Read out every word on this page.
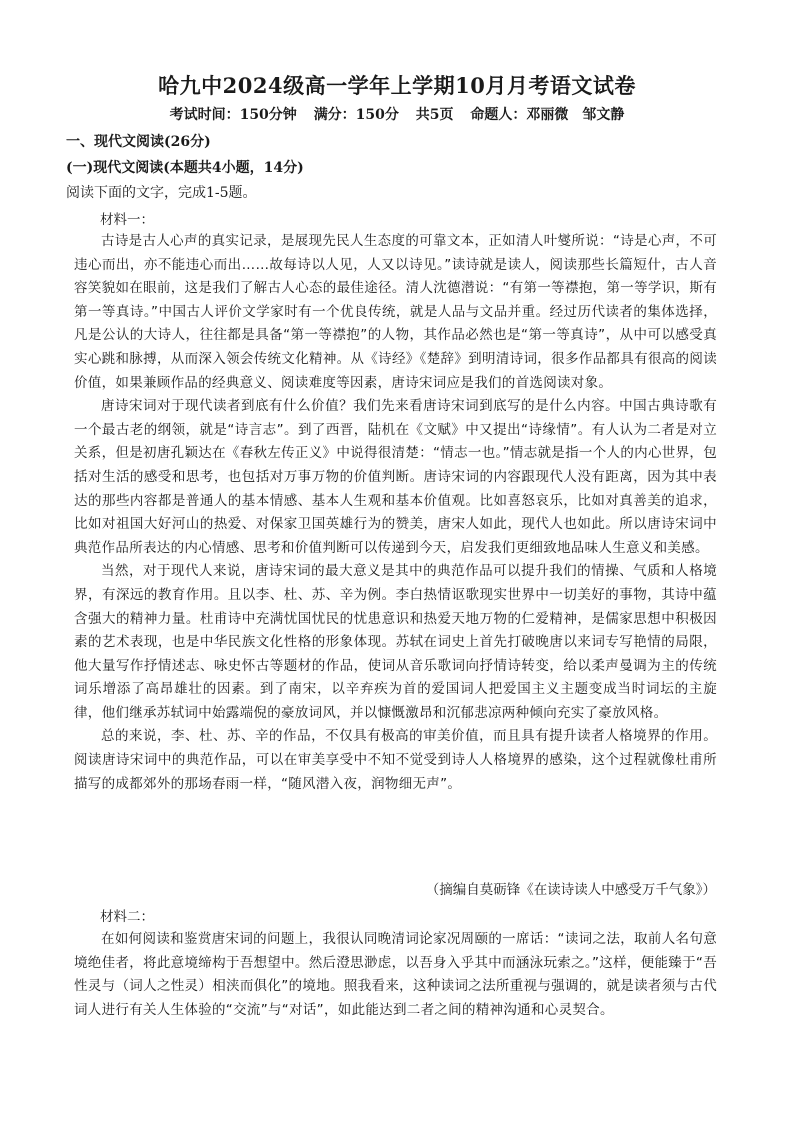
哈九中2024级高一学年上学期10月月考语文试卷
考试时间：150分钟 满分：150分 共5页 命题人：邓丽微　邹文静
一、现代文阅读(26分)
(一)现代文阅读(本题共4小题，14分)
阅读下面的文字，完成1-5题。
材料一：

古诗是古人心声的真实记录，是展现先民人生态度的可靠文本，正如清人叶燮所说：“诗是心声，不可违心而出，亦不能违心而出……故每诗以人见，人又以诗见。”读诗就是读人，阅读那些长篇短什，古人音容笑貌如在眼前，这是我们了解古人心态的最佳途径。清人沈德潜说：“有第一等襟抱，第一等学识，斯有第一等真诗。”中国古人评价文学家时有一个优良传统，就是人品与文品并重。经过历代读者的集体选择，凡是公认的大诗人，往往都是具备“第一等襟抱”的人物，其作品必然也是“第一等真诗”，从中可以感受真实心跳和脉搏，从而深入领会传统文化精神。从《诗经》《楚辞》到明清诗词，很多作品都具有很高的阅读价值，如果兼顾作品的经典意义、阅读难度等因素，唐诗宋词应是我们的首选阅读对象。

唐诗宋词对于现代读者到底有什么价值？我们先来看唐诗宋词到底写的是什么内容。中国古典诗歌有一个最古老的纲领，就是“诗言志”。到了西晋，陆机在《文赋》中又提出“诗缘情”。有人认为二者是对立关系，但是初唐孔颖达在《春秋左传正义》中说得很清楚：“情志一也。”情志就是指一个人的内心世界，包括对生活的感受和思考，也包括对万事万物的价值判断。唐诗宋词的内容跟现代人没有距离，因为其中表达的那些内容都是普通人的基本情感、基本人生观和基本价值观。比如喜怒哀乐，比如对真善美的追求，比如对祖国大好河山的热爱、对保家卫国英雄行为的赞美，唐宋人如此，现代人也如此。所以唐诗宋词中典范作品所表达的内心情感、思考和价值判断可以传递到今天，启发我们更细致地品味人生意义和美感。

当然，对于现代人来说，唐诗宋词的最大意义是其中的典范作品可以提升我们的情操、气质和人格境界，有深远的教育作用。且以李、杜、苏、辛为例。李白热情讴歌现实世界中一切美好的事物，其诗中蕴含强大的精神力量。杜甫诗中充满忧国忧民的忧患意识和热爱天地万物的仁爱精神，是儒家思想中积极因素的艺术表现，也是中华民族文化性格的形象体现。苏轼在词史上首先打破晚唐以来词专写艳情的局限，他大量写作抒情述志、咏史怀古等题材的作品，使词从音乐歌词向抒情诗转变，给以柔声曼调为主的传统词乐增添了高昂雄壮的因素。到了南宋，以辛弃疾为首的爱国词人把爱国主义主题变成当时词坛的主旋律，他们继承苏轼词中始露端倪的豪放词风，并以慷慨激昂和沉郁悲凉两种倾向充实了豪放风格。

总的来说，李、杜、苏、辛的作品，不仅具有极高的审美价值，而且具有提升读者人格境界的作用。阅读唐诗宋词中的典范作品，可以在审美享受中不知不觉受到诗人人格境界的感染，这个过程就像杜甫所描写的成都郊外的那场春雨一样，“随风潜入夜，润物细无声”。

（摘编自莫砺锋《在读诗读人中感受万千气象》）
材料二：

在如何阅读和鉴赏唐宋词的问题上，我很认同晚清词论家况周颐的一席话：“读词之法，取前人名句意境绝佳者，将此意境缔构于吾想望中。然后澄思渺虑，以吾身入乎其中而涵泳玩索之。”这样，便能臻于“吾性灵与（词人之性灵）相浃而俱化”的境地。照我看来，这种读词之法所重视与强调的，就是读者须与古代词人进行有关人生体验的“交流”与“对话”，如此能达到二者之间的精神沟通和心灵契合。
